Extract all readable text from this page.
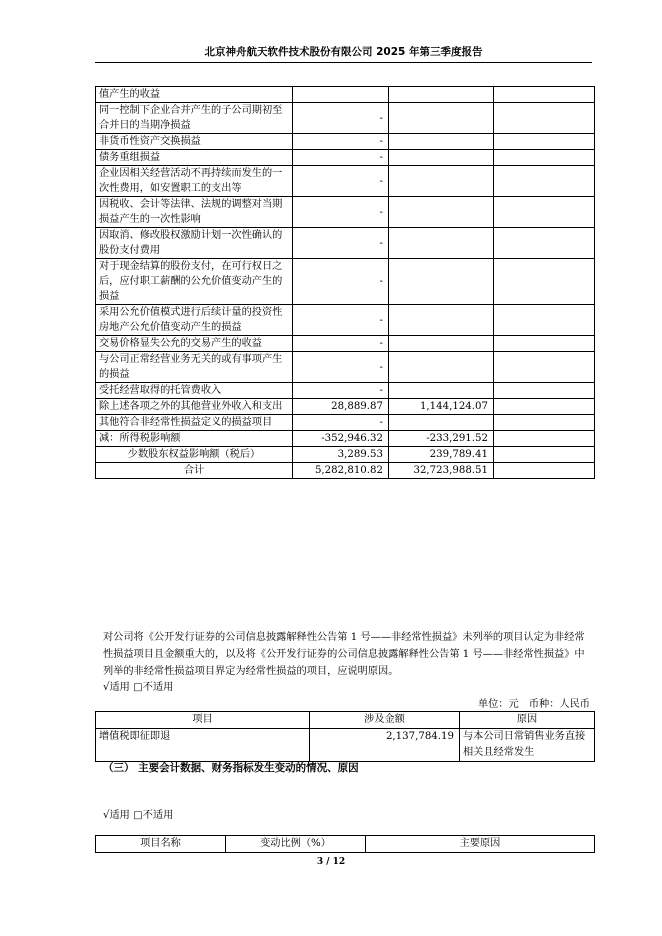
北京神舟航天软件技术股份有限公司 2025 年第三季度报告
值产生的收益			
同一控制下企业合并产生的子公司期初至合并日的当期净损益	-		
非货币性资产交换损益	-		
债务重组损益	-		
企业因相关经营活动不再持续而发生的一次性费用，如安置职工的支出等	-		
因税收、会计等法律、法规的调整对当期损益产生的一次性影响	-		
因取消、修改股权激励计划一次性确认的股份支付费用	-		
对于现金结算的股份支付，在可行权日之后，应付职工薪酬的公允价值变动产生的损益	-		
采用公允价值模式进行后续计量的投资性房地产公允价值变动产生的损益	-		
交易价格显失公允的交易产生的收益	-		
与公司正常经营业务无关的或有事项产生的损益	-		
受托经营取得的托管费收入	-		
除上述各项之外的其他营业外收入和支出	28,889.87	1,144,124.07	
其他符合非经常性损益定义的损益项目	-		
减：所得税影响额	-352,946.32	-233,291.52	
少数股东权益影响额（税后）	3,289.53	239,789.41	
合计	5,282,810.82	32,723,988.51	
对公司将《公开发行证券的公司信息披露解释性公告第 1 号——非经常性损益》未列举的项目认定为非经常性损益项目且金额重大的，以及将《公开发行证券的公司信息披露解释性公告第 1 号——非经常性损益》中列举的非经常性损益项目界定为经常性损益的项目，应说明原因。
√适用 □不适用
单位：元　币种：人民币
项目	涉及金额	原因
增值税即征即退	2,137,784.19	与本公司日常销售业务直接相关且经常发生
（三） 主要会计数据、财务指标发生变动的情况、原因
√适用 □不适用
项目名称	变动比例（%）	主要原因
3 / 12
